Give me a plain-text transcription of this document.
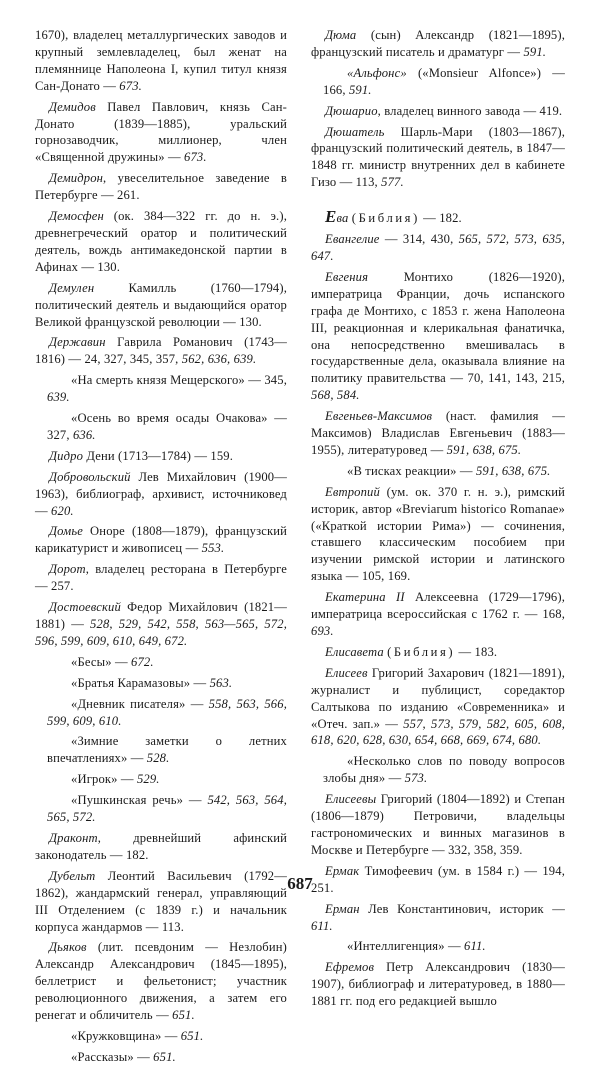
1670), владелец металлургических заводов и крупный землевладелец, был женат на племяннице Наполеона I, купил титул князя Сан-Донато — 673.

Демидов Павел Павлович, князь Сан-Донато (1839—1885), уральский горнозаводчик, миллионер, член «Священной дружины» — 673.

Демидрон, увеселительное заведение в Петербурге — 261.

Демосфен (ок. 384—322 гг. до н. э.), древнегреческий оратор и политический деятель, вождь антимакедонской партии в Афинах — 130.

Демулен Камилль (1760—1794), политический деятель и выдающийся оратор Великой французской революции — 130.

Державин Гаврила Романович (1743—1816) — 24, 327, 345, 357, 562, 636, 639.

«На смерть князя Мещерского» — 345, 639.

«Осень во время осады Очакова» — 327, 636.

Дидро Дени (1713—1784) — 159.

Добровольский Лев Михайлович (1900—1963), библиограф, архивист, источниковед — 620.

Домье Оноре (1808—1879), французский карикатурист и живописец — 553.

Дорот, владелец ресторана в Петербурге — 257.

Достоевский Федор Михайлович (1821—1881) — 528, 529, 542, 558, 563—565, 572, 596, 599, 609, 610, 649, 672.

«Бесы» — 672.

«Братья Карамазовы» — 563.

«Дневник писателя» — 558, 563, 566, 599, 609, 610.

«Зимние заметки о летних впечатлениях» — 528.

«Игрок» — 529.

«Пушкинская речь» — 542, 563, 564, 565, 572.

Драконт, древнейший афинский законодатель — 182.

Дубельт Леонтий Васильевич (1792—1862), жандармский генерал, управляющий III Отделением (с 1839 г.) и начальник корпуса жандармов — 113.

Дьяков (лит. псевдоним — Незлобин) Александр Александрович (1845—1895), беллетрист и фельетонист; участник революционного движения, а затем его ренегат и обличитель — 651.

«Кружковщина» — 651.

«Рассказы» — 651.

Дюма (сын) Александр (1821—1895), французский писатель и драматург — 591.

«Альфонс» («Monsieur Alfonce») — 166, 591.

Дюшарио, владелец винного завода — 419.

Дюшатель Шарль-Мари (1803—1867), французский политический деятель, в 1847—1848 гг. министр внутренних дел в кабинете Гизо — 113, 577.

Ева (Библия) — 182.

Евангелие — 314, 430, 565, 572, 573, 635, 647.

Евгения Монтихо (1826—1920), императрица Франции, дочь испанского графа де Монтихо, с 1853 г. жена Наполеона III, реакционная и клерикальная фанатичка, она непосредственно вмешивалась в государственные дела, оказывала влияние на политику правительства — 70, 141, 143, 215, 568, 584.

Евгеньев-Максимов (наст. фамилия — Максимов) Владислав Евгеньевич (1883—1955), литературовед — 591, 638, 675.

«В тисках реакции» — 591, 638, 675.

Евтропий (ум. ок. 370 г. н. э.), римский историк, автор «Breviarum historico Romanae» («Краткой истории Рима») — сочинения, ставшего классическим пособием при изучении римской истории и латинского языка — 105, 169.

Екатерина II Алексеевна (1729—1796), императрица всероссийская с 1762 г. — 168, 693.

Елисавета (Библия) — 183.

Елисеев Григорий Захарович (1821—1891), журналист и публицист, соредактор Салтыкова по изданию «Современника» и «Отеч. зап.» — 557, 573, 579, 582, 605, 608, 618, 620, 628, 630, 654, 668, 669, 674, 680.

«Несколько слов по поводу вопросов злобы дня» — 573.

Елисеевы Григорий (1804—1892) и Степан (1806—1879) Петровичи, владельцы гастрономических и винных магазинов в Москве и Петербурге — 332, 358, 359.

Ермак Тимофеевич (ум. в 1584 г.) — 194, 251.

Ерман Лев Константинович, историк — 611.

«Интеллигенция» — 611.

Ефремов Петр Александрович (1830—1907), библиограф и литературовед, в 1880—1881 гг. под его редакцией вышло

687
